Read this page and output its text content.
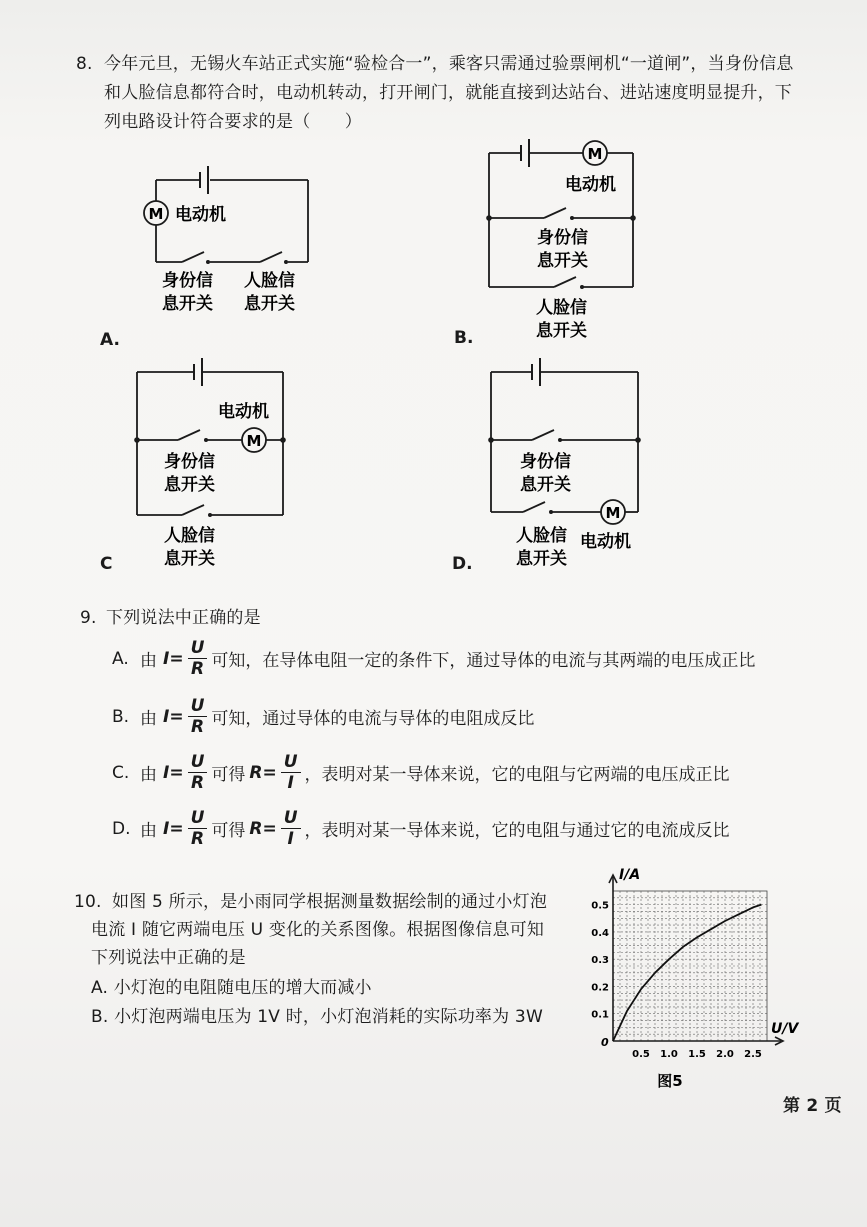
8. 今年元旦，无锡火车站正式实施“验检合一”，乘客只需通过验票闸机“一道闸”，当身份信息
和人脸信息都符合时，电动机转动，打开闸门，就能直接到达站台、进站速度明显提升，下
列电路设计符合要求的是（　　）
M 电动机
身份信
息开关
人脸信
息开关
A.
M
电动机
身份信
息开关
人脸信
息开关
B.
M
电动机
身份信
息开关
人脸信
息开关
C
M
电动机
身份信
息开关
人脸信
息开关
D.
9. 下列说法中正确的是
A. 由 $I = \frac{U}{R}$ 可知，在导体电阻一定的条件下，通过导体的电流与其两端的电压成正比
B. 由 $I = \frac{U}{R}$ 可知，通过导体的电流与导体的电阻成反比
C. 由 $I = \frac{U}{R}$ 可得 $R= \frac{U}{I}$ ，表明对某一导体来说，它的电阻与它两端的电压成正比
D. 由 $I = \frac{U}{R}$ 可得 $R= \frac{U}{I}$ ，表明对某一导体来说，它的电阻与通过它的电流成反比
10. 如图 5 所示，是小雨同学根据测量数据绘制的通过小灯泡
电流 I 随它两端电压 U 变化的关系图像。根据图像信息可知
下列说法中正确的是
A. 小灯泡的电阻随电压的增大而减小
B. 小灯泡两端电压为 1V 时，小灯泡消耗的实际功率为 3W
0.5 1.0 1.5 2.0 2.5
0.1
0.2
0.3
0.4
0.5
I/A
U/V
0
图5
第 2 页
